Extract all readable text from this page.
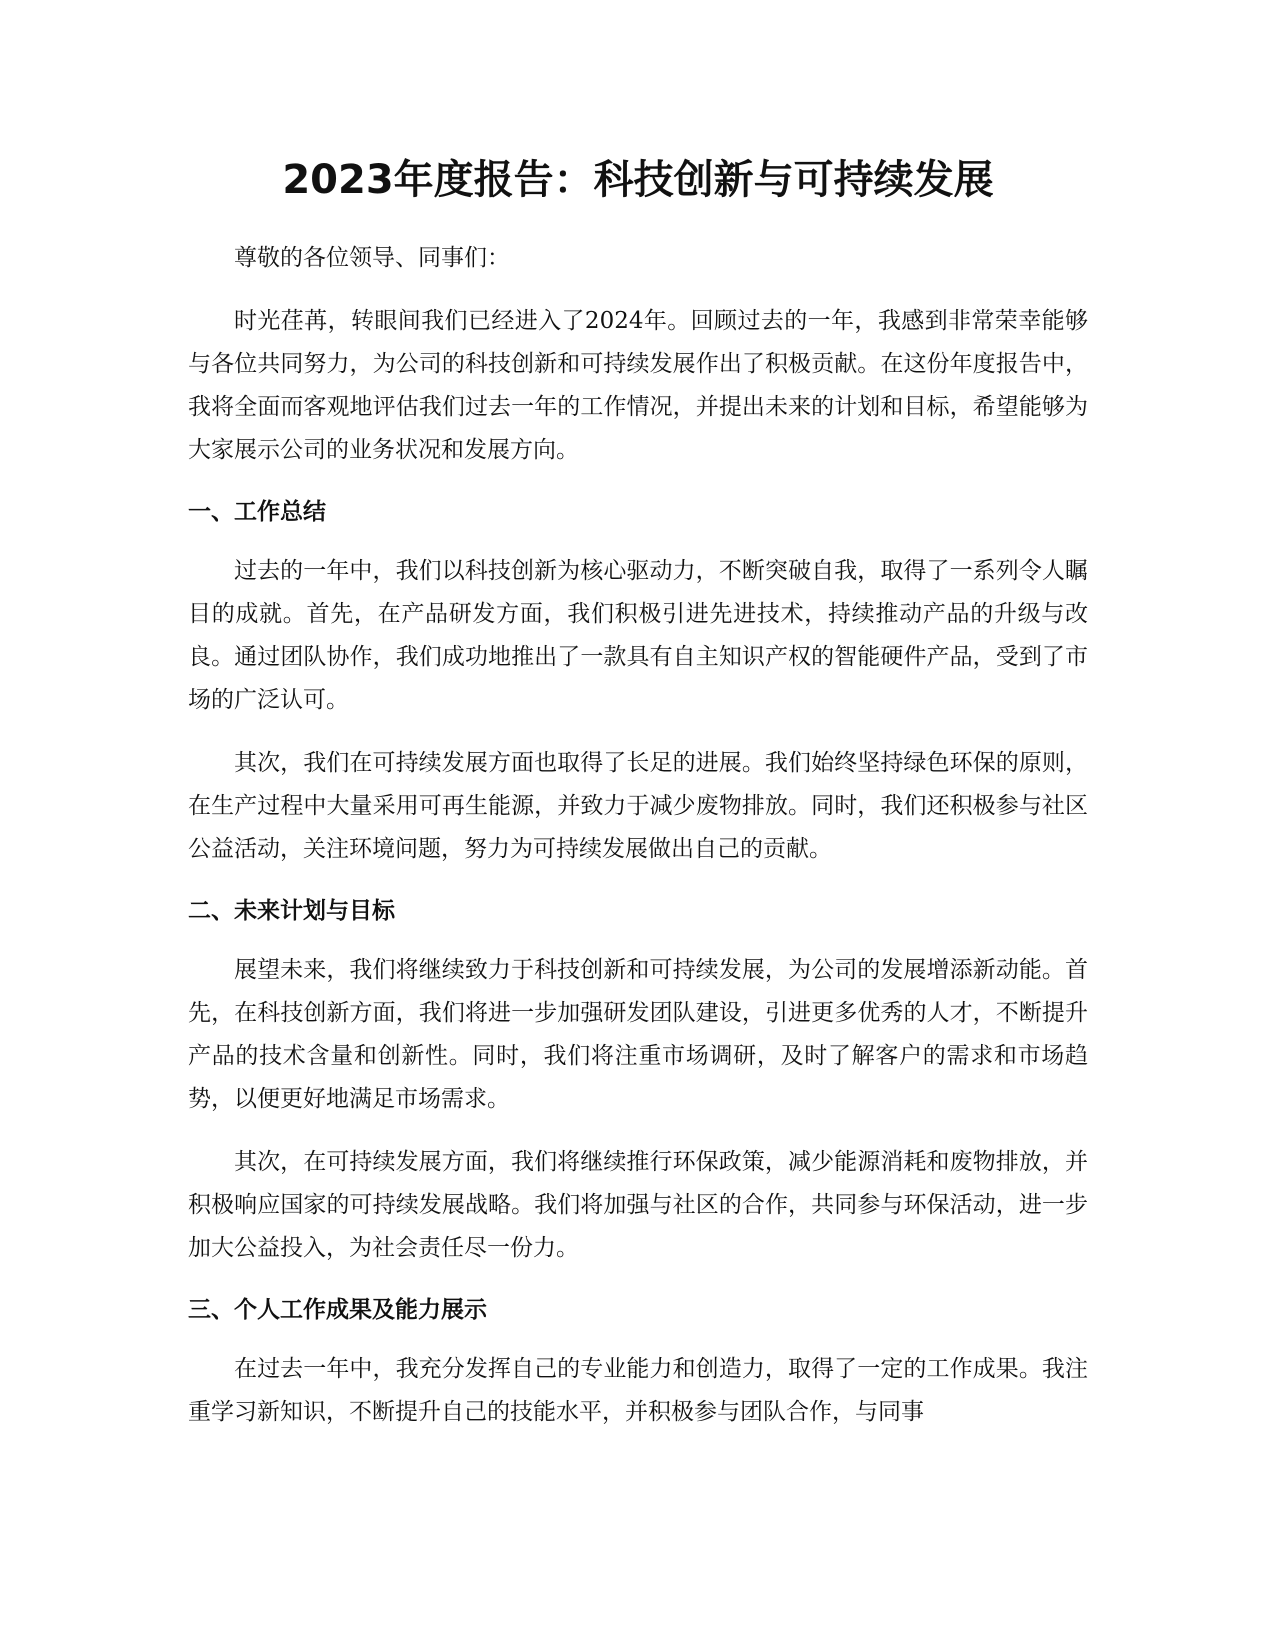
2023年度报告：科技创新与可持续发展

尊敬的各位领导、同事们：

时光荏苒，转眼间我们已经进入了2024年。回顾过去的一年，我感到非常荣幸能够与各位共同努力，为公司的科技创新和可持续发展作出了积极贡献。在这份年度报告中，我将全面而客观地评估我们过去一年的工作情况，并提出未来的计划和目标，希望能够为大家展示公司的业务状况和发展方向。

一、工作总结

过去的一年中，我们以科技创新为核心驱动力，不断突破自我，取得了一系列令人瞩目的成就。首先，在产品研发方面，我们积极引进先进技术，持续推动产品的升级与改良。通过团队协作，我们成功地推出了一款具有自主知识产权的智能硬件产品，受到了市场的广泛认可。

其次，我们在可持续发展方面也取得了长足的进展。我们始终坚持绿色环保的原则，在生产过程中大量采用可再生能源，并致力于减少废物排放。同时，我们还积极参与社区公益活动，关注环境问题，努力为可持续发展做出自己的贡献。

二、未来计划与目标

展望未来，我们将继续致力于科技创新和可持续发展，为公司的发展增添新动能。首先，在科技创新方面，我们将进一步加强研发团队建设，引进更多优秀的人才，不断提升产品的技术含量和创新性。同时，我们将注重市场调研，及时了解客户的需求和市场趋势，以便更好地满足市场需求。

其次，在可持续发展方面，我们将继续推行环保政策，减少能源消耗和废物排放，并积极响应国家的可持续发展战略。我们将加强与社区的合作，共同参与环保活动，进一步加大公益投入，为社会责任尽一份力。

三、个人工作成果及能力展示

在过去一年中，我充分发挥自己的专业能力和创造力，取得了一定的工作成果。我注重学习新知识，不断提升自己的技能水平，并积极参与团队合作，与同事
